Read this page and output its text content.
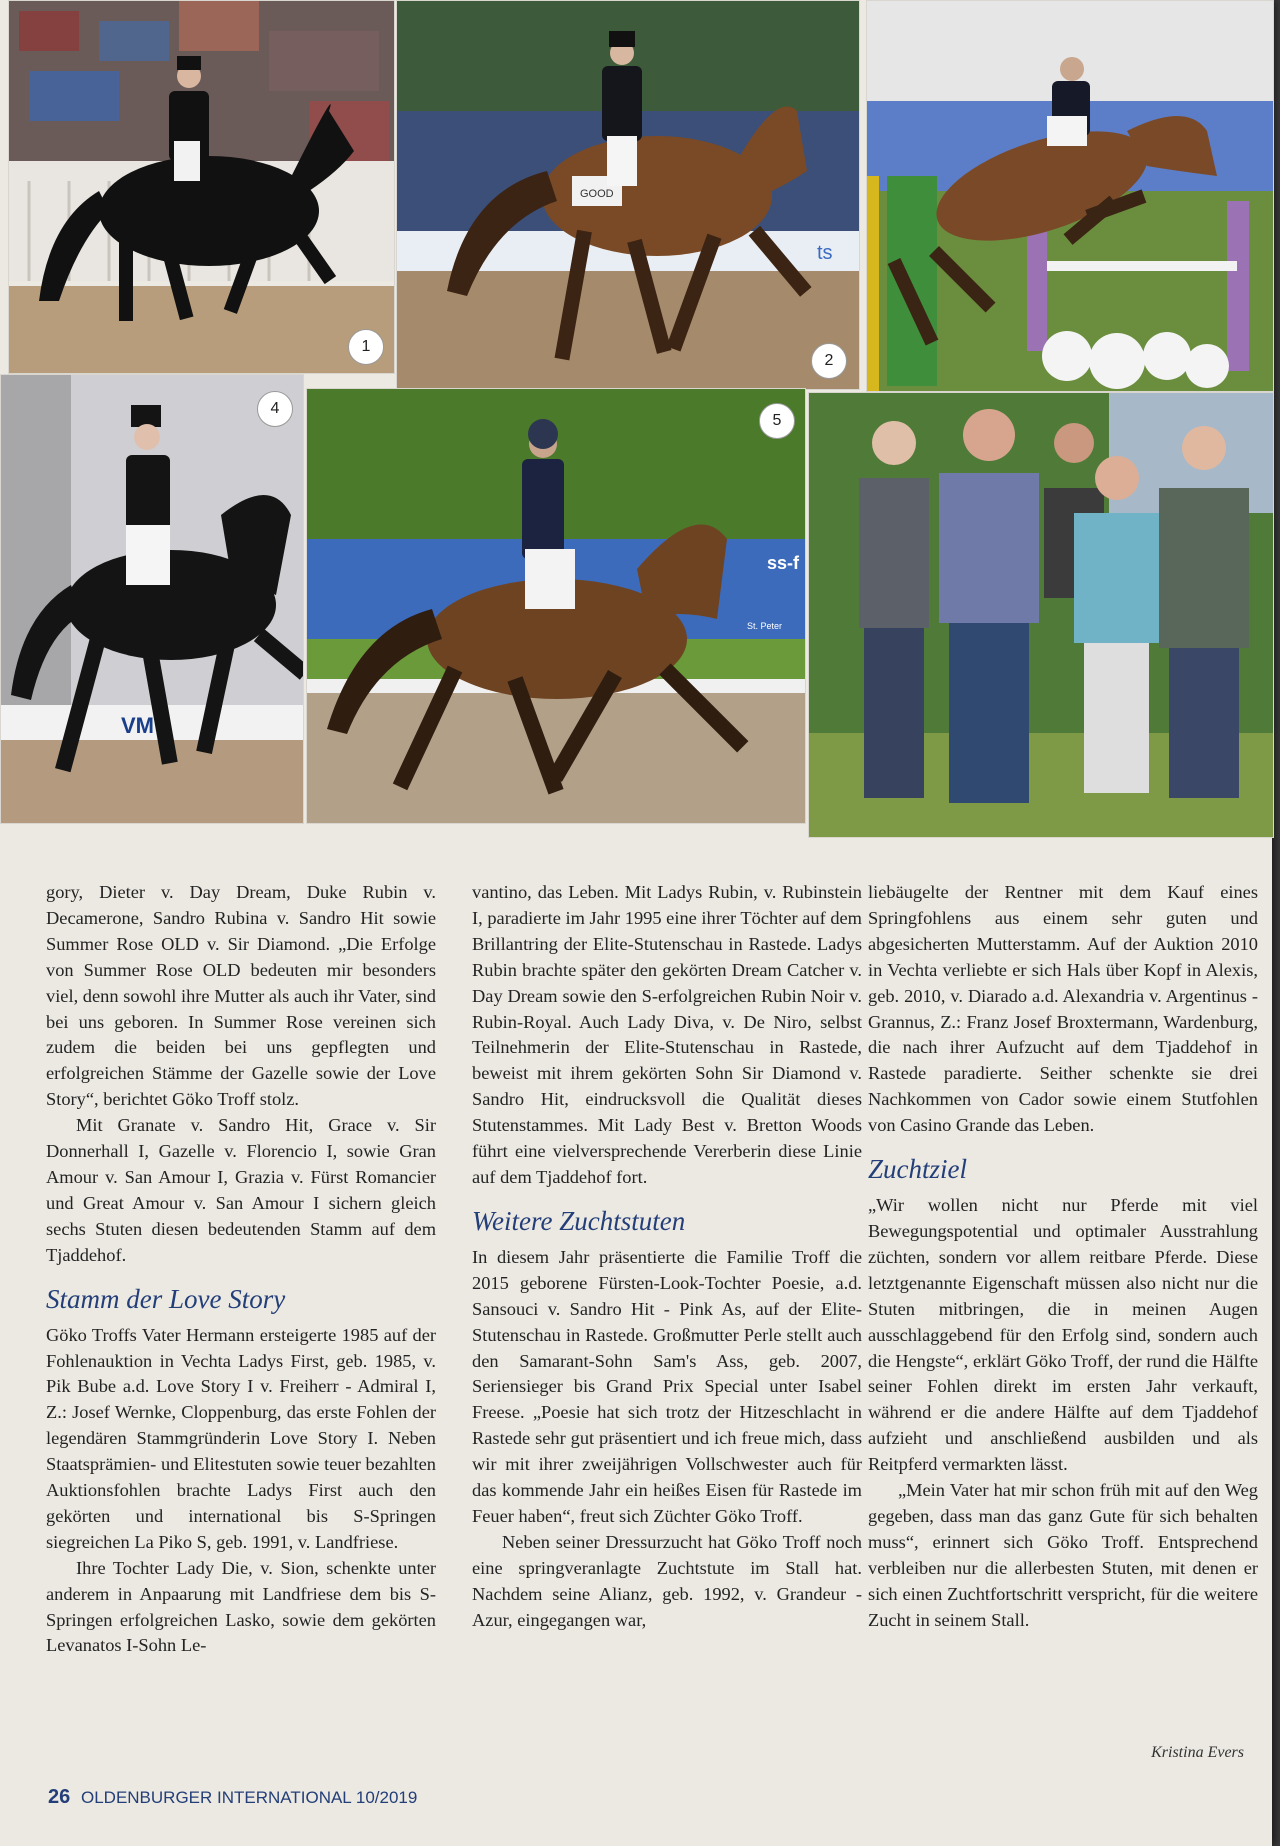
1
ts
GOOD
2
VM
4
ss-f
St. Peter
5

gory, Dieter v. Day Dream, Duke Rubin v. Decamerone, Sandro Rubina v. Sandro Hit sowie Summer Rose OLD v. Sir Diamond. „Die Erfolge von Summer Rose OLD bedeuten mir besonders viel, denn sowohl ihre Mutter als auch ihr Vater, sind bei uns geboren. In Summer Rose vereinen sich zudem die beiden bei uns gepflegten und erfolgreichen Stämme der Gazelle sowie der Love Story“, berichtet Göko Troff stolz.

Mit Granate v. Sandro Hit, Grace v. Sir Donnerhall I, Gazelle v. Florencio I, sowie Gran Amour v. San Amour I, Grazia v. Fürst Romancier und Great Amour v. San Amour I sichern gleich sechs Stuten diesen bedeutenden Stamm auf dem Tjaddehof.

Stamm der Love Story

Göko Troffs Vater Hermann ersteigerte 1985 auf der Fohlenauktion in Vechta Ladys First, geb. 1985, v. Pik Bube a.d. Love Story I v. Freiherr - Admiral I, Z.: Josef Wernke, Cloppenburg, das erste Fohlen der legendären Stammgründerin Love Story I. Neben Staatsprämien- und Elitestuten sowie teuer bezahlten Auktionsfohlen brachte Ladys First auch den gekörten und international bis S-Springen siegreichen La Piko S, geb. 1991, v. Landfriese.

Ihre Tochter Lady Die, v. Sion, schenkte unter anderem in Anpaarung mit Landfriese dem bis S-Springen erfolgreichen Lasko, sowie dem gekörten Levanatos I-Sohn Le-

vantino, das Leben. Mit Ladys Rubin, v. Rubinstein I, paradierte im Jahr 1995 eine ihrer Töchter auf dem Brillantring der Elite-Stutenschau in Rastede. Ladys Rubin brachte später den gekörten Dream Catcher v. Day Dream sowie den S-erfolgreichen Rubin Noir v. Rubin-Royal. Auch Lady Diva, v. De Niro, selbst Teilnehmerin der Elite-Stutenschau in Rastede, beweist mit ihrem gekörten Sohn Sir Diamond v. Sandro Hit, eindrucksvoll die Qualität dieses Stutenstammes. Mit Lady Best v. Bretton Woods führt eine vielversprechende Vererberin diese Linie auf dem Tjaddehof fort.

Weitere Zuchtstuten

In diesem Jahr präsentierte die Familie Troff die 2015 geborene Fürsten-Look-Tochter Poesie, a.d. Sansouci v. Sandro Hit - Pink As, auf der Elite-Stutenschau in Rastede. Großmutter Perle stellt auch den Samarant-Sohn Sam's Ass, geb. 2007, Seriensieger bis Grand Prix Special unter Isabel Freese. „Poesie hat sich trotz der Hitzeschlacht in Rastede sehr gut präsentiert und ich freue mich, dass wir mit ihrer zweijährigen Vollschwester auch für das kommende Jahr ein heißes Eisen für Rastede im Feuer haben“, freut sich Züchter Göko Troff.

Neben seiner Dressurzucht hat Göko Troff noch eine springveranlagte Zuchtstute im Stall hat. Nachdem seine Alianz, geb. 1992, v. Grandeur - Azur, eingegangen war,

liebäugelte der Rentner mit dem Kauf eines Springfohlens aus einem sehr guten und abgesicherten Mutterstamm. Auf der Auktion 2010 in Vechta verliebte er sich Hals über Kopf in Alexis, geb. 2010, v. Diarado a.d. Alexandria v. Argentinus - Grannus, Z.: Franz Josef Broxtermann, Wardenburg, die nach ihrer Aufzucht auf dem Tjaddehof in Rastede paradierte. Seither schenkte sie drei Nachkommen von Cador sowie einem Stutfohlen von Casino Grande das Leben.

Zuchtziel

„Wir wollen nicht nur Pferde mit viel Bewegungspotential und optimaler Ausstrahlung züchten, sondern vor allem reitbare Pferde. Diese letztgenannte Eigenschaft müssen also nicht nur die Stuten mitbringen, die in meinen Augen ausschlaggebend für den Erfolg sind, sondern auch die Hengste“, erklärt Göko Troff, der rund die Hälfte seiner Fohlen direkt im ersten Jahr verkauft, während er die andere Hälfte auf dem Tjaddehof aufzieht und anschließend ausbilden und als Reitpferd vermarkten lässt.

„Mein Vater hat mir schon früh mit auf den Weg gegeben, dass man das ganz Gute für sich behalten muss“, erinnert sich Göko Troff. Entsprechend verbleiben nur die allerbesten Stuten, mit denen er sich einen Zuchtfortschritt verspricht, für die weitere Zucht in seinem Stall.

Kristina Evers
26 OLDENBURGER INTERNATIONAL 10/2019
